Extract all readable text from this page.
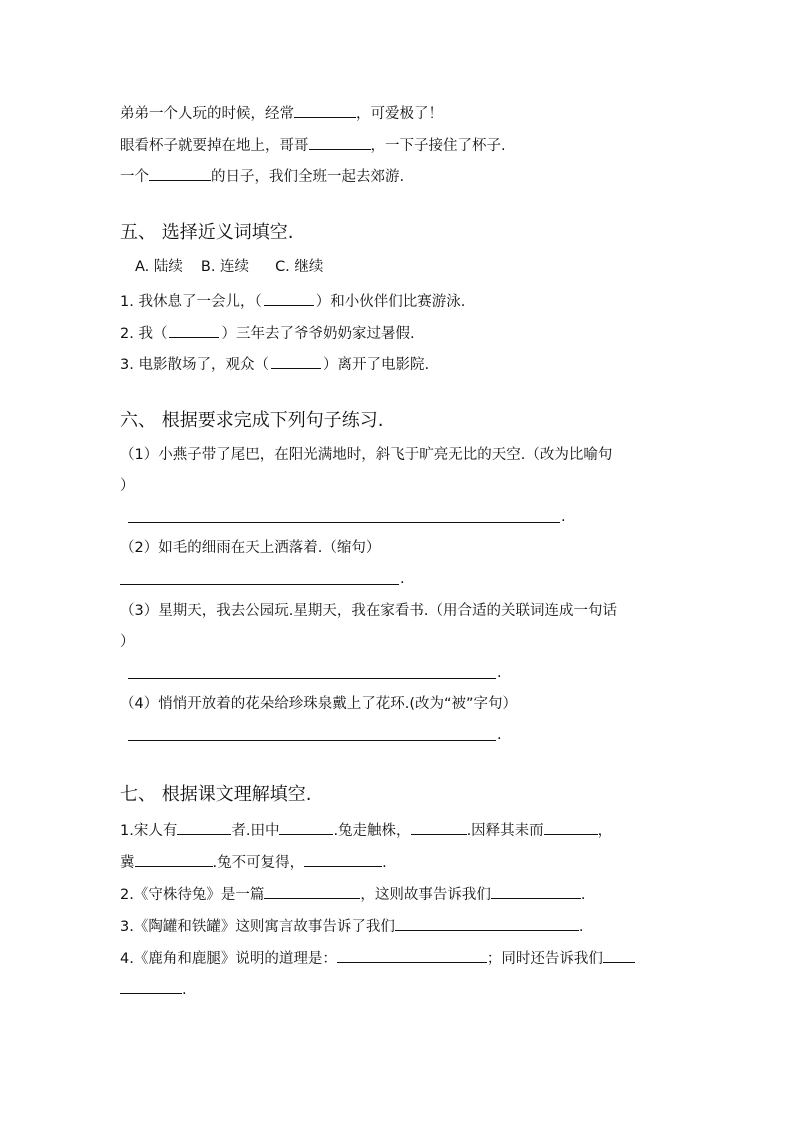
弟弟一个人玩的时候，经常	，可爱极了！
眼看杯子就要掉在地上，哥哥	，一下子接住了杯子.
一个	的日子，我们全班一起去郊游.
五、 选择近义词填空.
A. 陆续 B. 连续 C. 继续
1. 我休息了一会儿，（	）和小伙伴们比赛游泳.
2. 我（	）三年去了爷爷奶奶家过暑假.
3. 电影散场了，观众（	）离开了电影院.
六、 根据要求完成下列句子练习.
（1）小燕子带了尾巴，在阳光满地时，斜飞于旷亮无比的天空.（改为比喻句
）
.
（2）如毛的细雨在天上洒落着.（缩句）
.
（3）星期天，我去公园玩.星期天，我在家看书.（用合适的关联词连成一句话
）
.
（4）悄悄开放着的花朵给珍珠泉戴上了花环.(改为“被”字句）
.
七、 根据课文理解填空.
1.宋人有	者.田中	.兔走触株，	.因释其耒而	，
冀	.兔不可复得，	.
2.《守株待兔》是一篇	，这则故事告诉我们	.
3.《陶罐和铁罐》这则寓言故事告诉了我们	.
4.《鹿角和鹿腿》说明的道理是：	；同时还告诉我们
.
